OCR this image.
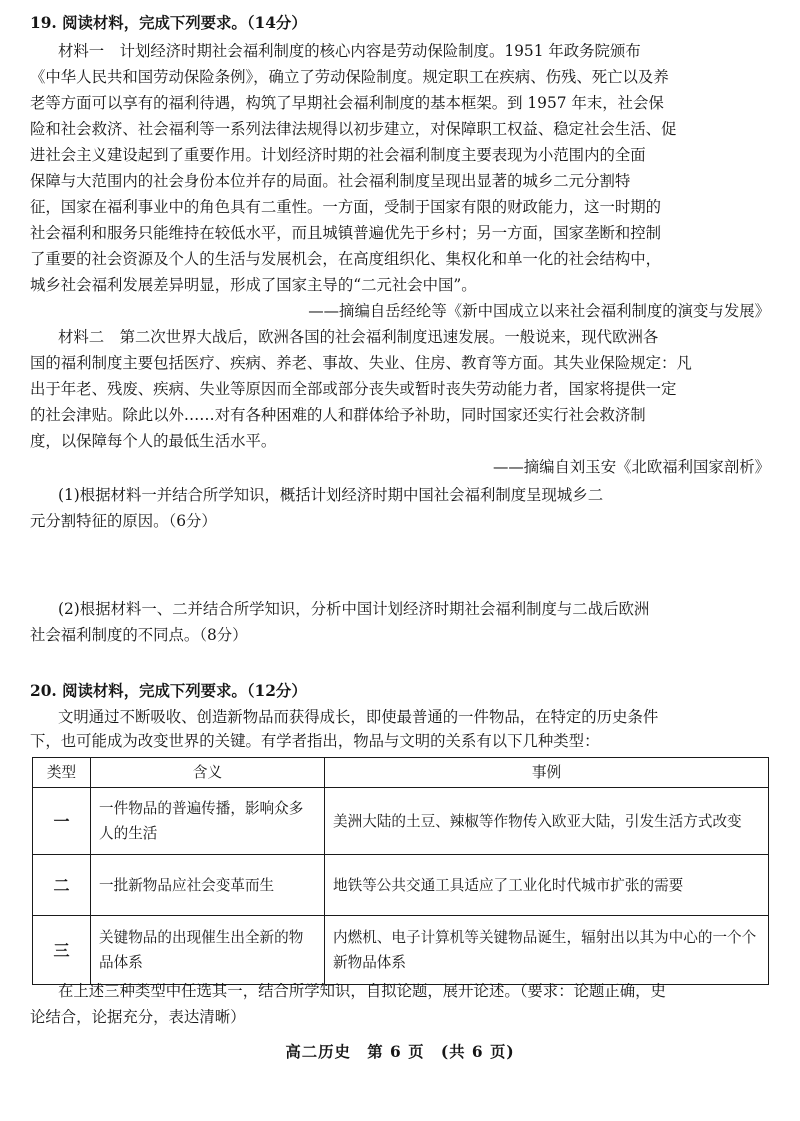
19. 阅读材料，完成下列要求。（14分）

材料一　计划经济时期社会福利制度的核心内容是劳动保险制度。1951 年政务院颁布

《中华人民共和国劳动保险条例》，确立了劳动保险制度。规定职工在疾病、伤残、死亡以及养

老等方面可以享有的福利待遇，构筑了早期社会福利制度的基本框架。到 1957 年末，社会保

险和社会救济、社会福利等一系列法律法规得以初步建立，对保障职工权益、稳定社会生活、促

进社会主义建设起到了重要作用。计划经济时期的社会福利制度主要表现为小范围内的全面

保障与大范围内的社会身份本位并存的局面。社会福利制度呈现出显著的城乡二元分割特

征，国家在福利事业中的角色具有二重性。一方面，受制于国家有限的财政能力，这一时期的

社会福利和服务只能维持在较低水平，而且城镇普遍优先于乡村；另一方面，国家垄断和控制

了重要的社会资源及个人的生活与发展机会，在高度组织化、集权化和单一化的社会结构中，

城乡社会福利发展差异明显，形成了国家主导的“二元社会中国”。

——摘编自岳经纶等《新中国成立以来社会福利制度的演变与发展》

材料二　第二次世界大战后，欧洲各国的社会福利制度迅速发展。一般说来，现代欧洲各

国的福利制度主要包括医疗、疾病、养老、事故、失业、住房、教育等方面。其失业保险规定：凡

出于年老、残废、疾病、失业等原因而全部或部分丧失或暂时丧失劳动能力者，国家将提供一定

的社会津贴。除此以外……对有各种困难的人和群体给予补助，同时国家还实行社会救济制

度，以保障每个人的最低生活水平。

——摘编自刘玉安《北欧福利国家剖析》

(1)根据材料一并结合所学知识，概括计划经济时期中国社会福利制度呈现城乡二

元分割特征的原因。（6分）

(2)根据材料一、二并结合所学知识，分析中国计划经济时期社会福利制度与二战后欧洲

社会福利制度的不同点。（8分）

20. 阅读材料，完成下列要求。（12分）

文明通过不断吸收、创造新物品而获得成长，即使最普通的一件物品，在特定的历史条件

下，也可能成为改变世界的关键。有学者指出，物品与文明的关系有以下几种类型：

类型	含义	事例
一	一件物品的普遍传播，影响众多人的生活	美洲大陆的土豆、辣椒等作物传入欧亚大陆，引发生活方式改变
二	一批新物品应社会变革而生	地铁等公共交通工具适应了工业化时代城市扩张的需要
三	关键物品的出现催生出全新的物品体系	内燃机、电子计算机等关键物品诞生，辐射出以其为中心的一个个新物品体系

在上述三种类型中任选其一，结合所学知识，自拟论题，展开论述。（要求：论题正确，史

论结合，论据充分，表达清晰）

高二历史　第 6 页　(共 6 页)
